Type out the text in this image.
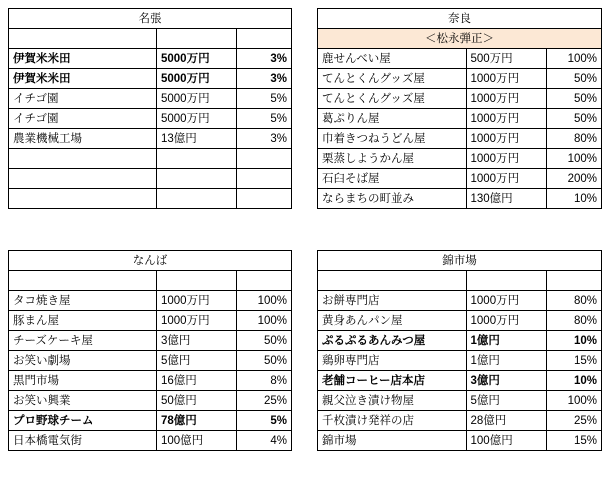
名張		

伊賀米米田	5000万円	3%
伊賀米米田	5000万円	3%
イチゴ園	5000万円	5%
イチゴ園	5000万円	5%
農業機械工場	13億円	3%

奈良		
＜松永弾正＞		
鹿せんべい屋	500万円	100%
てんとくんグッズ屋	1000万円	50%
てんとくんグッズ屋	1000万円	50%
葛ぷりん屋	1000万円	50%
巾着きつねうどん屋	1000万円	80%
栗蒸しようかん屋	1000万円	100%
石臼そば屋	1000万円	200%
ならまちの町並み	130億円	10%
なんば		

タコ焼き屋	1000万円	100%
豚まん屋	1000万円	100%
チーズケーキ屋	3億円	50%
お笑い劇場	5億円	50%
黒門市場	16億円	8%
お笑い興業	50億円	25%
プロ野球チーム	78億円	5%
日本橋電気街	100億円	4%
錦市場		

お餅専門店	1000万円	80%
黄身あんパン屋	1000万円	80%
ぷるぷるあんみつ屋	1億円	10%
鶏卵専門店	1億円	15%
老舗コーヒー店本店	3億円	10%
親父泣き漬け物屋	5億円	100%
千枚漬け発祥の店	28億円	25%
錦市場	100億円	15%
